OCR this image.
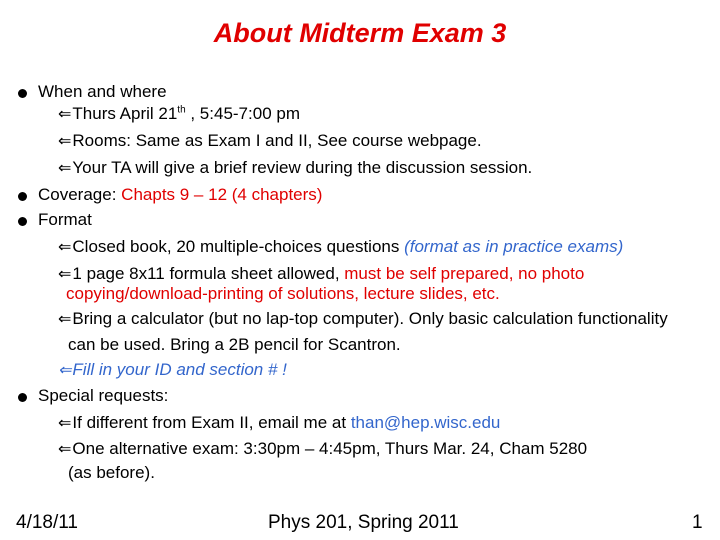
About Midterm Exam 3
When and where
⇐Thurs April 21th , 5:45-7:00 pm
⇐Rooms: Same as Exam I and II, See course webpage.
⇐Your TA will give a brief review during the discussion session.
Coverage: Chapts 9 – 12 (4 chapters)
Format
⇐Closed book, 20 multiple-choices questions (format as in practice exams)
⇐1 page 8x11 formula sheet allowed, must be self prepared, no photo
copying/download-printing of solutions, lecture slides, etc.
⇐Bring a calculator (but no lap-top computer). Only basic calculation functionality
can be used. Bring a 2B pencil for Scantron.
⇐Fill in your ID and section # !
Special requests:
⇐If different from Exam II, email me at than@hep.wisc.edu
⇐One alternative exam: 3:30pm – 4:45pm, Thurs Mar. 24, Cham 5280
(as before).
4/18/11	Phys 201, Spring 2011	1
